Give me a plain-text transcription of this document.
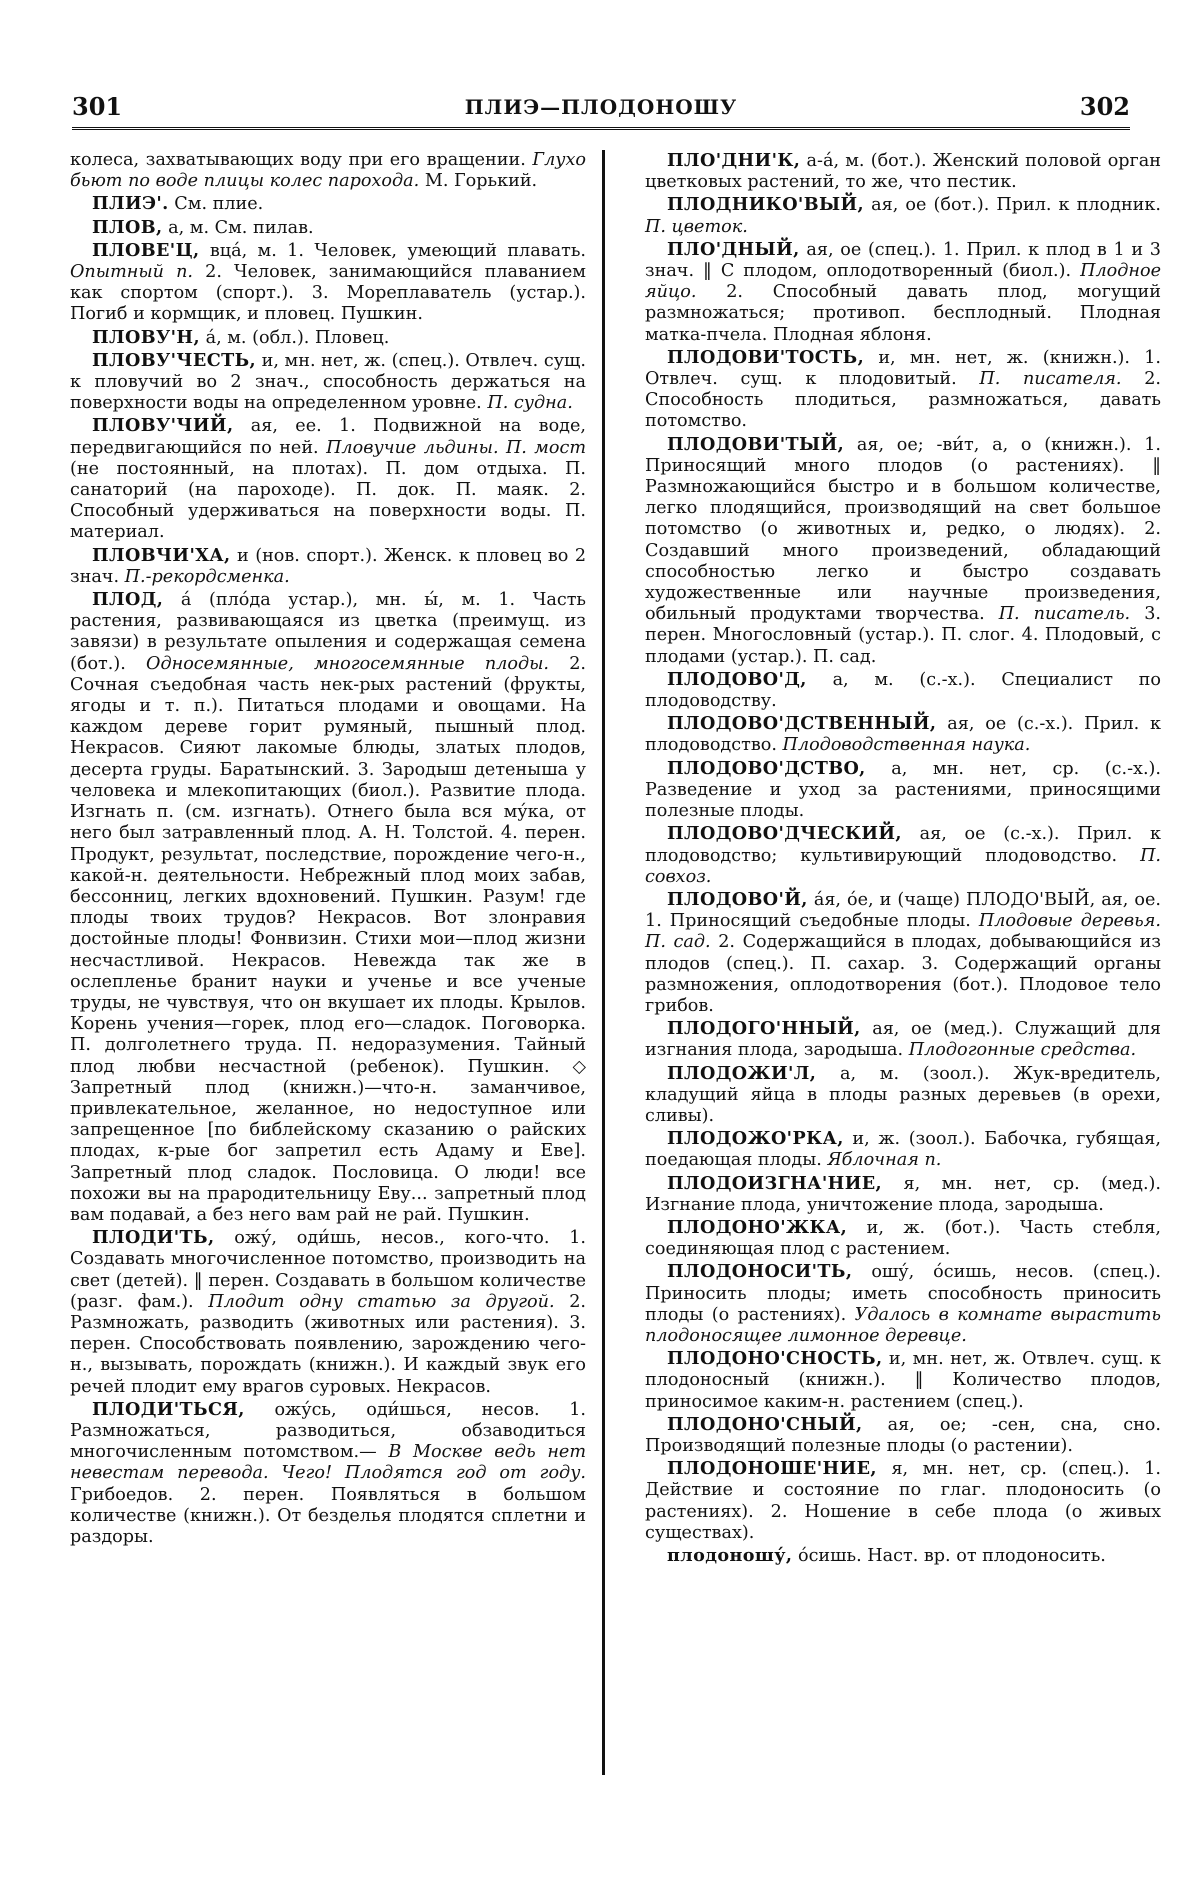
301	ПЛИЭ—ПЛОДОНОШУ	302

колеса, захватывающих воду при его вращении. Глухо бьют по воде плицы колес парохода. М. Горький.

ПЛИЭ'. См. плие.

ПЛОВ, а, м. См. пилав.

ПЛОВЕ'Ц, вца́, м. 1. Человек, умеющий плавать. Опытный п. 2. Человек, занимающийся плаванием как спортом (спорт.). 3. Мореплаватель (устар.). Погиб и кормщик, и пловец. Пушкин.

ПЛОВУ'Н, а́, м. (обл.). Пловец.

ПЛОВУ'ЧЕСТЬ, и, мн. нет, ж. (спец.). Отвлеч. сущ. к пловучий во 2 знач., способность держаться на поверхности воды на определенном уровне. П. судна.

ПЛОВУ'ЧИЙ, ая, ее. 1. Подвижной на воде, передвигающийся по ней. Пловучие льдины. П. мост (не постоянный, на плотах). П. дом отдыха. П. санаторий (на пароходе). П. док. П. маяк. 2. Способный удерживаться на поверхности воды. П. материал.

ПЛОВЧИ'ХА, и (нов. спорт.). Женск. к пловец во 2 знач. П.-рекордсменка.

ПЛОД, а́ (пло́да устар.), мн. ы́, м. 1. Часть растения, развивающаяся из цветка (преимущ. из завязи) в результате опыления и содержащая семена (бот.). Односемянные, многосемянные плоды. 2. Сочная съедобная часть нек-рых растений (фрукты, ягоды и т. п.). Питаться плодами и овощами. На каждом дереве горит румяный, пышный плод. Некрасов. Сияют лакомые блюды, златых плодов, десерта груды. Баратынский. 3. Зародыш детеныша у человека и млекопитающих (биол.). Развитие плода. Изгнать п. (см. изгнать). Отнего была вся му́ка, от него был затравленный плод. А. Н. Толстой. 4. перен. Продукт, результат, последствие, порождение чего-н., какой-н. деятельности. Небрежный плод моих забав, бессонниц, легких вдохновений. Пушкин. Разум! где плоды твоих трудов? Некрасов. Вот злонравия достойные плоды! Фонвизин. Стихи мои—плод жизни несчастливой. Некрасов. Невежда так же в ослепленье бранит науки и ученье и все ученые труды, не чувствуя, что он вкушает их плоды. Крылов. Корень учения—горек, плод его—сладок. Поговорка. П. долголетнего труда. П. недоразумения. Тайный плод любви несчастной (ребенок). Пушкин. ◇ Запретный плод (книжн.)—что-н. заманчивое, привлекательное, желанное, но недоступное или запрещенное [по библейскому сказанию о райских плодах, к-рые бог запретил есть Адаму и Еве]. Запретный плод сладок. Пословица. О люди! все похожи вы на прародительницу Еву... запретный плод вам подавай, а без него вам рай не рай. Пушкин.

ПЛОДИ'ТЬ, ожу́, оди́шь, несов., кого-что. 1. Создавать многочисленное потомство, производить на свет (детей). ‖ перен. Создавать в большом количестве (разг. фам.). Плодит одну статью за другой. 2. Размножать, разводить (животных или растения). 3. перен. Способствовать появлению, зарождению чего-н., вызывать, порождать (книжн.). И каждый звук его речей плодит ему врагов суровых. Некрасов.

ПЛОДИ'ТЬСЯ, ожу́сь, оди́шься, несов. 1. Размножаться, разводиться, обзаводиться многочисленным потомством.— В Москве ведь нет невестам перевода. Чего! Плодятся год от году. Грибоедов. 2. перен. Появляться в большом количестве (книжн.). От безделья плодятся сплетни и раздоры.

ПЛО'ДНИ'К, а-а́, м. (бот.). Женский половой орган цветковых растений, то же, что пестик.

ПЛОДНИКО'ВЫЙ, ая, ое (бот.). Прил. к плодник. П. цветок.

ПЛО'ДНЫЙ, ая, ое (спец.). 1. Прил. к плод в 1 и 3 знач. ‖ С плодом, оплодотворенный (биол.). Плодное яйцо. 2. Способный давать плод, могущий размножаться; противоп. бесплодный. Плодная матка-пчела. Плодная яблоня.

ПЛОДОВИ'ТОСТЬ, и, мн. нет, ж. (книжн.). 1. Отвлеч. сущ. к плодовитый. П. писателя. 2. Способность плодиться, размножаться, давать потомство.

ПЛОДОВИ'ТЫЙ, ая, ое; -ви́т, а, о (книжн.). 1. Приносящий много плодов (о растениях). ‖ Размножающийся быстро и в большом количестве, легко плодящийся, производящий на свет большое потомство (о животных и, редко, о людях). 2. Создавший много произведений, обладающий способностью легко и быстро создавать художественные или научные произведения, обильный продуктами творчества. П. писатель. 3. перен. Многословный (устар.). П. слог. 4. Плодовый, с плодами (устар.). П. сад.

ПЛОДОВО'Д, а, м. (с.-х.). Специалист по плодоводству.

ПЛОДОВО'ДСТВЕННЫЙ, ая, ое (с.-х.). Прил. к плодоводство. Плодоводственная наука.

ПЛОДОВО'ДСТВО, а, мн. нет, ср. (с.-х.). Разведение и уход за растениями, приносящими полезные плоды.

ПЛОДОВО'ДЧЕСКИЙ, ая, ое (с.-х.). Прил. к плодоводство; культивирующий плодоводство. П. совхоз.

ПЛОДОВО'Й, а́я, о́е, и (чаще) ПЛОДО'ВЫЙ, ая, ое. 1. Приносящий съедобные плоды. Плодовые деревья. П. сад. 2. Содержащийся в плодах, добывающийся из плодов (спец.). П. сахар. 3. Содержащий органы размножения, оплодотворения (бот.). Плодовое тело грибов.

ПЛОДОГО'ННЫЙ, ая, ое (мед.). Служащий для изгнания плода, зародыша. Плодогонные средства.

ПЛОДОЖИ'Л, а, м. (зоол.). Жук-вредитель, кладущий яйца в плоды разных деревьев (в орехи, сливы).

ПЛОДОЖО'РКА, и, ж. (зоол.). Бабочка, губящая, поедающая плоды. Яблочная п.

ПЛОДОИЗГНА'НИЕ, я, мн. нет, ср. (мед.). Изгнание плода, уничтожение плода, зародыша.

ПЛОДОНО'ЖКА, и, ж. (бот.). Часть стебля, соединяющая плод с растением.

ПЛОДОНОСИ'ТЬ, ошу́, о́сишь, несов. (спец.). Приносить плоды; иметь способность приносить плоды (о растениях). Удалось в комнате вырастить плодоносящее лимонное деревце.

ПЛОДОНО'СНОСТЬ, и, мн. нет, ж. Отвлеч. сущ. к плодоносный (книжн.). ‖ Количество плодов, приносимое каким-н. растением (спец.).

ПЛОДОНО'СНЫЙ, ая, ое; -сен, сна, сно. Производящий полезные плоды (о растении).

ПЛОДОНОШЕ'НИЕ, я, мн. нет, ср. (спец.). 1. Действие и состояние по глаг. плодоносить (о растениях). 2. Ношение в себе плода (о живых существах).

плодоношу́, о́сишь. Наст. вр. от плодоносить.
